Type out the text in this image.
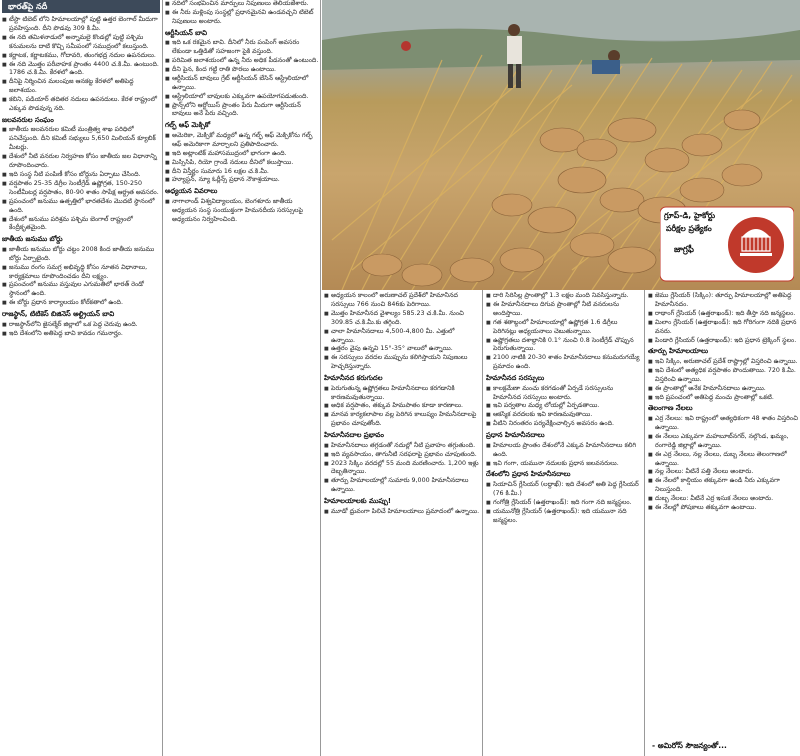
గ్రూప్-డి, హైకోర్టు
పరీక్షల ప్రత్యేకం
జాగ్రఫీ
భారత్‌పై నదీ

■ టీస్టా టిబెట్ లోని హిమాలయాల్లో పుట్టి ఉత్తర బెంగాల్ మీదుగా ప్రవహిస్తుంది. దీని పొడవు 309 కి.మీ.

■ ఈ నది తమిళనాడులో అన్నామలై కొండల్లో పుట్టి పశ్చిమ కనుమలను దాటి కొచ్చి సమీపంలో సముద్రంలో కలుస్తుంది.

■ కర్ణాటక, కర్ణాటకము, గోదావరి, తుంగభద్ర నదుల ఉపనదులు.

■ ఈ నది మొత్తం పరీవాహక ప్రాంతం 4400 చ.కి.మీ. ఉంటుంది. 1786 చ.కి.మీ. కేరళలో ఉంది.

■ దీనిపై నిర్మించిన మలంపుజ ఆనకట్ట కేరళలో అతిపెద్ద జలాశయం.

■ కబిని, పడియార్ తదితర నదులు ఉపనదులు. కేరళ రాష్ట్రంలో ఎక్కువ పొడవున్న నది.

జలవనరుల సంఘం

■ జాతీయ జలవనరుల కమిటీ మంత్రిత్వ శాఖ పరిధిలో పనిచేస్తుంది. దీని కమిటీ సభ్యులు 5,650 మిలియన్ క్యూబిక్ మీటర్లు.

■ దేశంలో నీటి వనరుల నిర్వహణ కోసం జాతీయ జల విధానాన్ని రూపొందించారు.

■ ఇది సంస్థ నీటి పంపిణీ కోసం బోర్డును ఏర్పాటు చేసింది.

■ వర్షపాతం 25-35 డిగ్రీల సెంటీగ్రేడ్ ఉష్ణోగ్రత, 150-250 సెంటీమీటర్ల వర్షపాతం, 80-90 శాతం సాపేక్ష ఆర్ద్రత అవసరం.

■ ప్రపంచంలో జనుము ఉత్పత్తిలో భారతదేశం మొదటి స్థానంలో ఉంది.

■ దేశంలో జనుము పరిశ్రమ పశ్చిమ బెంగాల్ రాష్ట్రంలో కేంద్రీకృతమైంది.

జాతీయ జనుము బోర్డు

■ జాతీయ జనుము బోర్డు చట్టం 2008 కింద జాతీయ జనుము బోర్డు ఏర్పాటైంది.

■ జనుము రంగం సమగ్ర అభివృద్ధి కోసం నూతన విధానాలు, కార్యక్రమాలు రూపొందించడం దీని లక్ష్యం.

■ ప్రపంచంలో జనుము వస్తువుల ఎగుమతిలో భారత్ రెండో స్థానంలో ఉంది.

■ ఈ బోర్డు ప్రధాన కార్యాలయం కోల్‌కతాలో ఉంది.

రాజస్థాన్, టిటికెస్ బిజినెస్ అల్ట్రియన్ బావి

■ రాజస్థాన్‌లోని జైసల్మేర్ జిల్లాలో ఒక పెద్ద చెరువు ఉంది.

■ ఇది దేశంలోని అతిపెద్ద బావి కావడం గమనార్హం.

■ నదిలో సంభవించిన మార్పులు నిపుణులు తెలియజేశారు.

■ ఈ నీరు మళ్లింపు సంస్థల్లో ప్రధానమైనవి ఉండవచ్చని టిబెట్ నిపుణులు అంటారు.

ఆర్టీసియన్ బావి

■ ఇది ఒక రకమైన బావి. దీనిలో నీరు పంపింగ్ అవసరం లేకుండా ఒత్తిడితో సహజంగా పైకి వస్తుంది.

■ పరిమిత జలాశయంలో ఉన్న నీరు అధిక పీడనంతో ఉంటుంది.

■ దీని పైన, కింద గట్టి రాతి పొరలు ఉంటాయి.

■ ఆర్టీసియన్ బావులు గ్రేట్ ఆర్టీసియన్ బేసిన్ ఆస్ట్రేలియాలో ఉన్నాయి.

■ ఆస్ట్రేలియాలో బావులకు ఎక్కువగా ఉపయోగపడుతుంది.

■ ఫ్రాన్స్‌లోని ఆర్టోయిస్ ప్రాంతం పేరు మీదుగా ఆర్టీసియన్ బావులు అనే పేరు వచ్చింది.

గల్ఫ్ ఆఫ్ మెక్సికో

■ అమెరికా, మెక్సికో మధ్యలో ఉన్న గల్ఫ్ ఆఫ్ మెక్సికోను గల్ఫ్ ఆఫ్ అమెరికాగా మార్చాలని ప్రతిపాదించారు.

■ ఇది అట్లాంటిక్ మహాసముద్రంలో భాగంగా ఉంది.

■ మిస్సిసిపి, రియో గ్రాండే నదులు దీనిలో కలుస్తాయి.

■ దీని విస్తీర్ణం సుమారు 16 లక్షల చ.కి.మీ.

■ హ్యూస్టన్, న్యూ ఓర్లీన్స్ ప్రధాన నౌకాశ్రయాలు.

అధ్యయన వివరాలు

■ నాగాలాండ్ విశ్వవిద్యాలయం, బెంగళూరు జాతీయ అధ్యయన సంస్థ సంయుక్తంగా హిమనదీయ సరస్సులపై అధ్యయనం నిర్వహించింది.

■ అధ్యయన కాలంలో అరుణాచల్ ప్రదేశ్‌లో హిమానీనద సరస్సులు 766 నుంచి 846కు పెరిగాయి.

■ మొత్తం హిమానీనద వైశాల్యం 585.23 చ.కి.మీ. నుంచి 309.85 చ.కి.మీ.కు తగ్గింది.

■ చాలా హిమానీనదాలు 4,500-4,800 మీ. ఎత్తులో ఉన్నాయి.

■ ఉత్తరం వైపు ఉన్నవి 15°-35° వాలులో ఉన్నాయి.

■ ఈ సరస్సులు వరదల ముప్పును కలిగిస్తాయని నిపుణులు హెచ్చరిస్తున్నారు.

హిమానీనద కరుగుదల

■ పెరుగుతున్న ఉష్ణోగ్రతలు హిమానీనదాలు కరగడానికి కారణమవుతున్నాయి.

■ అధిక వర్షపాతం, తక్కువ హిమపాతం కూడా కారణాలు.

■ మానవ కార్యకలాపాల వల్ల పెరిగిన కాలుష్యం హిమనీనదాలపై ప్రభావం చూపుతోంది.

హిమానీనదాల ప్రభావం

■ హిమానీనదాలు తగ్గడంతో నదుల్లో నీటి ప్రవాహం తగ్గుతుంది.

■ ఇది వ్యవసాయం, తాగునీటి సరఫరాపై ప్రభావం చూపుతుంది.

■ 2023 సిక్కిం వరదల్లో 55 మంది మరణించారు. 1,200 ఇళ్లు దెబ్బతిన్నాయి.

■ తూర్పు హిమాలయాల్లో సుమారు 9,000 హిమానీనదాలు ఉన్నాయి.

హిమాలయాలకు ముప్పు!

■ మూడో ధ్రువంగా పిలిచే హిమాలయాలు ప్రమాదంలో ఉన్నాయి.

■ దారి సిరిసిల్ల ప్రాంతాల్లో 1.3 లక్షల మంది నివసిస్తున్నారు.

■ ఈ హిమానీనదాలు దిగువ ప్రాంతాల్లో నీటి వనరులను అందిస్తాయి.

■ గత శతాబ్దంలో హిమాలయాల్లో ఉష్ణోగ్రత 1.6 డిగ్రీలు పెరిగినట్లు అధ్యయనాలు చెబుతున్నాయి.

■ ఉష్ణోగ్రతలు దశాబ్దానికి 0.1° నుంచి 0.8 సెంటీగ్రేడ్ చొప్పున పెరుగుతున్నాయి.

■ 2100 నాటికి 20-30 శాతం హిమానీనదాలు కనుమరుగయ్యే ప్రమాదం ఉంది.

హిమానీనద సరస్సులు

■ కాలక్రమేణా మంచు కరగడంతో ఏర్పడే సరస్సులను హిమానీనద సరస్సులు అంటారు.

■ ఇవి పర్వతాల మధ్య లోయల్లో ఏర్పడతాయి.

■ ఆకస్మిక వరదలకు ఇవి కారణమవుతాయి.

■ వీటిని నిరంతరం పర్యవేక్షించాల్సిన అవసరం ఉంది.

ప్రధాన హిమానీనదాలు

■ హిమాలయ ప్రాంతం దేశంలోనే ఎక్కువ హిమానీనదాలు కలిగి ఉంది.

■ ఇవి గంగా, యమునా నదులకు ప్రధాన జలవనరులు.

దేశంలోని ప్రధాన హిమానీనదాలు

■ సియాచిన్ గ్లేసియర్ (లద్దాఖ్): ఇది దేశంలో అతి పెద్ద గ్లేసియర్ (76 కి.మీ.)

■ గంగోత్రి గ్లేసియర్ (ఉత్తరాఖండ్): ఇది గంగా నది జన్మస్థలం.

■ యమునోత్రి గ్లేసియర్ (ఉత్తరాఖండ్): ఇది యమునా నది జన్మస్థలం.

■ జెము గ్లేసియర్ (సిక్కిం): తూర్పు హిమాలయాల్లో అతిపెద్ద హిమానీనదం.

■ రాథాంగ్ గ్లేసియర్ (ఉత్తరాఖండ్): ఇది తీస్తా నది జన్మస్థలం.

■ మిలాం గ్లేసియర్ (ఉత్తరాఖండ్): ఇది గోరిగంగా నదికి ప్రధాన వనరు.

■ పిండారి గ్లేసియర్ (ఉత్తరాఖండ్): ఇది ప్రధాన ట్రెక్కింగ్ స్థలం.

తూర్పు హిమాలయాలు

■ ఇవి సిక్కిం, అరుణాచల్ ప్రదేశ్ రాష్ట్రాల్లో విస్తరించి ఉన్నాయి.

■ ఇవి దేశంలో అత్యధిక వర్షపాతం పొందుతాయి. 720 కి.మీ. విస్తరించి ఉన్నాయి.

■ ఈ ప్రాంతాల్లో అనేక హిమానీనదాలు ఉన్నాయి.

■ ఇది ప్రపంచంలో అతిపెద్ద మంచు ప్రాంతాల్లో ఒకటి.

తెలంగాణ నేలలు

■ ఎర్ర నేలలు: ఇవి రాష్ట్రంలో అత్యధికంగా 48 శాతం విస్తరించి ఉన్నాయి.

■ ఈ నేలలు ఎక్కువగా మహబూబ్‌నగర్, నల్గొండ, ఖమ్మం, రంగారెడ్డి జిల్లాల్లో ఉన్నాయి.

■ ఈ ఎర్ర నేలలు, నల్ల నేలలు, దుబ్బ నేలలు తెలంగాణలో ఉన్నాయి.

■ నల్ల నేలలు: వీటినే పత్తి నేలలు అంటారు.

■ ఈ నేలలో కాల్షియం తక్కువగా ఉండి నీరు ఎక్కువగా నిలుస్తుంది.

■ దుబ్బ నేలలు: వీటినే ఎర్ర ఇసుక నేలలు అంటారు.

■ ఈ నేలల్లో పోషకాలు తక్కువగా ఉంటాయి.

- అమిరోస్ సౌజన్యంతో...
